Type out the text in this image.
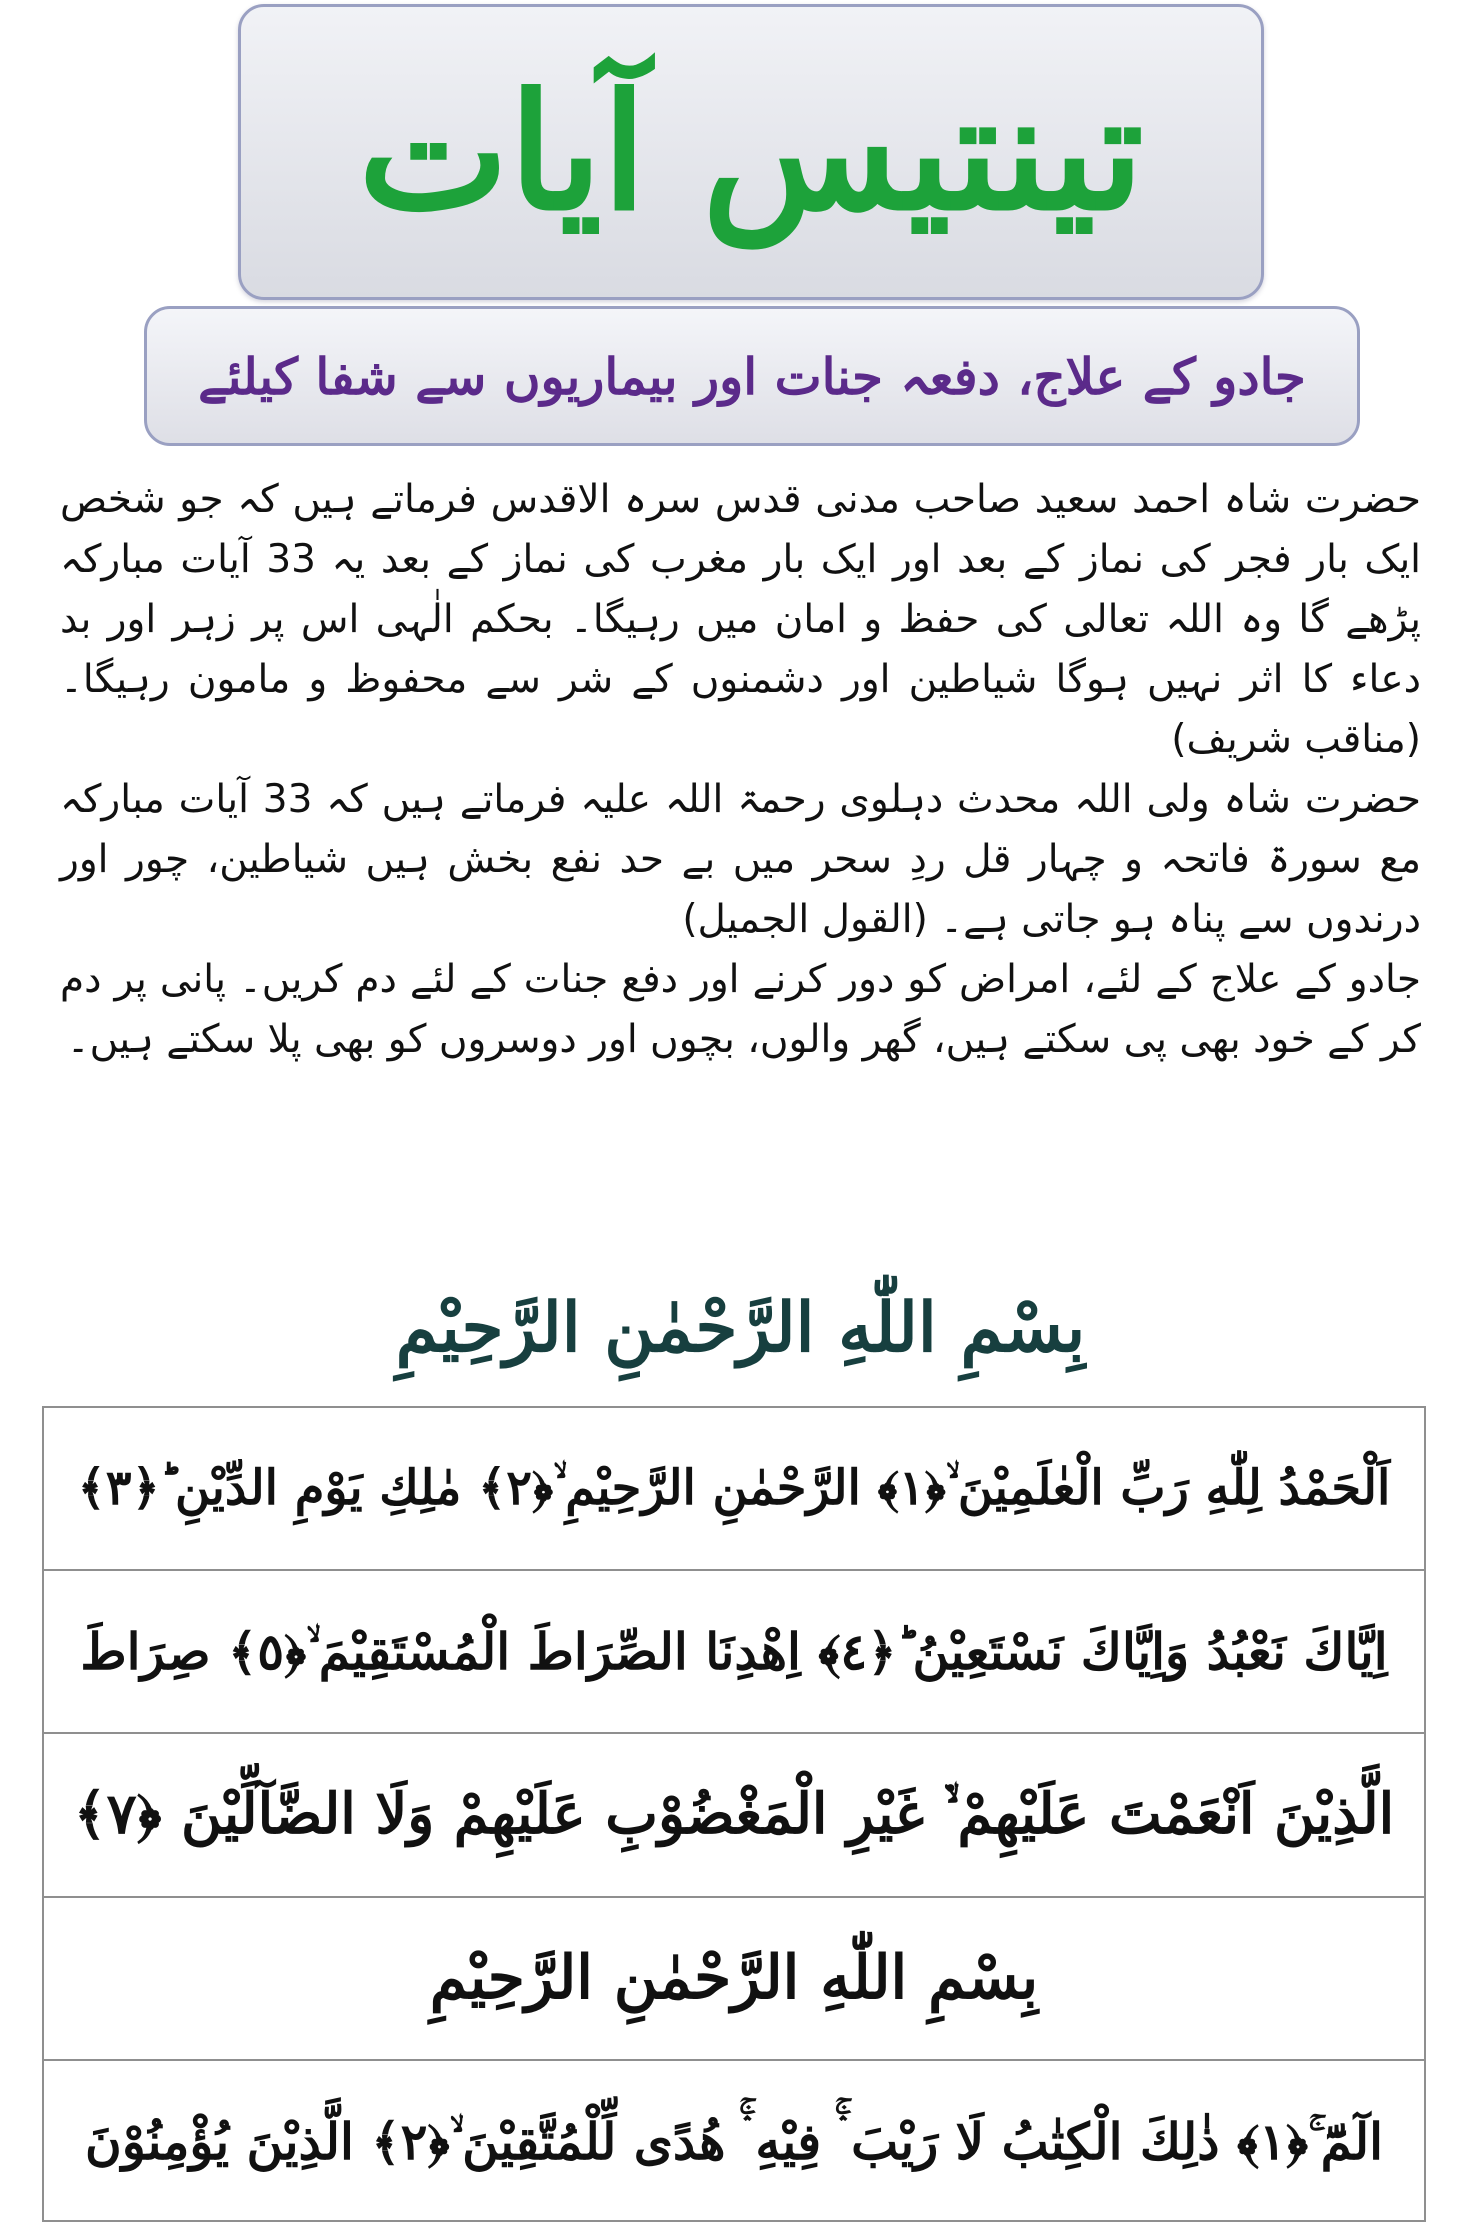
تینتیس آیات
جادو کے علاج، دفعہ جنات اور بیماریوں سے شفا کیلئے

حضرت شاہ احمد سعید صاحب مدنی قدس سرہ الاقدس فرماتے ہیں کہ جو شخص ایک بار فجر کی نماز کے بعد اور ایک بار مغرب کی نماز کے بعد یہ 33 آیات مبارکہ پڑھے گا وہ اللہ تعالی کی حفظ و امان میں رہیگا۔ بحکم الٰہی اس پر زہر اور بد دعاء کا اثر نہیں ہوگا شیاطین اور دشمنوں کے شر سے محفوظ و مامون رہیگا۔ (مناقب شریف)

حضرت شاہ ولی اللہ محدث دہلوی رحمۃ اللہ علیہ فرماتے ہیں کہ 33 آیات مبارکہ مع سورۃ فاتحہ و چہار قل ردِ سحر میں بے حد نفع بخش ہیں شیاطین، چور اور درندوں سے پناہ ہو جاتی ہے۔ (القول الجمیل)

جادو کے علاج کے لئے، امراض کو دور کرنے اور دفع جنات کے لئے دم کریں۔ پانی پر دم کر کے خود بھی پی سکتے ہیں، گھر والوں، بچوں اور دوسروں کو بھی پلا سکتے ہیں۔

بِسْمِ اللّٰهِ الرَّحْمٰنِ الرَّحِيْمِ
اَلْحَمْدُ لِلّٰهِ رَبِّ الْعٰلَمِيْنَ ۙ﴿١﴾ الرَّحْمٰنِ الرَّحِيْمِ ۙ﴿٢﴾ مٰلِكِ يَوْمِ الدِّيْنِ ؕ﴿٣﴾
اِيَّاكَ نَعْبُدُ وَاِيَّاكَ نَسْتَعِيْنُ ؕ﴿٤﴾ اِهْدِنَا الصِّرَاطَ الْمُسْتَقِيْمَ ۙ﴿٥﴾ صِرَاطَ
الَّذِيْنَ اَنْعَمْتَ عَلَيْهِمْ ۙ۬ غَيْرِ الْمَغْضُوْبِ عَلَيْهِمْ وَلَا الضَّآلِّيْنَ ﴿٧﴾
بِسْمِ اللّٰهِ الرَّحْمٰنِ الرَّحِيْمِ
الٓمّٓ ۚ﴿١﴾ ذٰلِكَ الْكِتٰبُ لَا رَيْبَ ۛۚ فِيْهِ ۛۚ هُدًى لِّلْمُتَّقِيْنَ ۙ﴿٢﴾ الَّذِيْنَ يُؤْمِنُوْنَ
